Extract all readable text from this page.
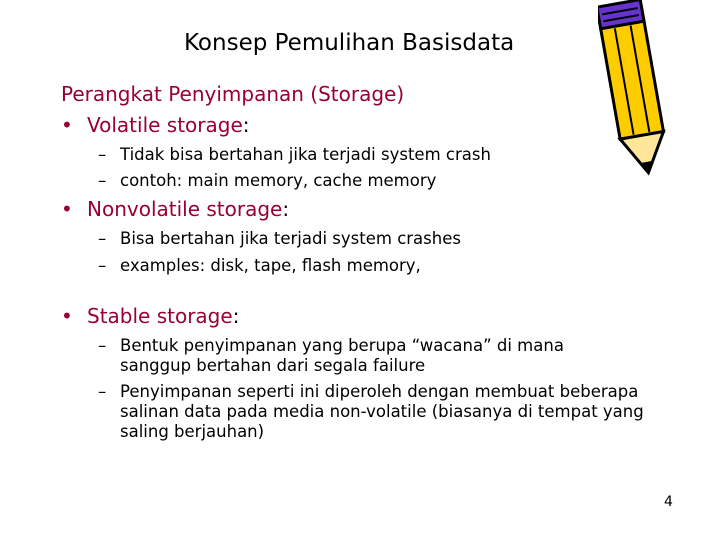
Konsep Pemulihan Basisdata
Perangkat Penyimpanan (Storage)
• Volatile storage:
– Tidak bisa bertahan jika terjadi system crash
– contoh: main memory, cache memory
• Nonvolatile storage:
– Bisa bertahan jika terjadi system crashes
– examples: disk, tape, flash memory,
• Stable storage:
– Bentuk penyimpanan yang berupa “wacana” di mana sanggup bertahan dari segala failure
– Penyimpanan seperti ini diperoleh dengan membuat beberapa salinan data pada media non-volatile (biasanya di tempat yang saling berjauhan)
4
